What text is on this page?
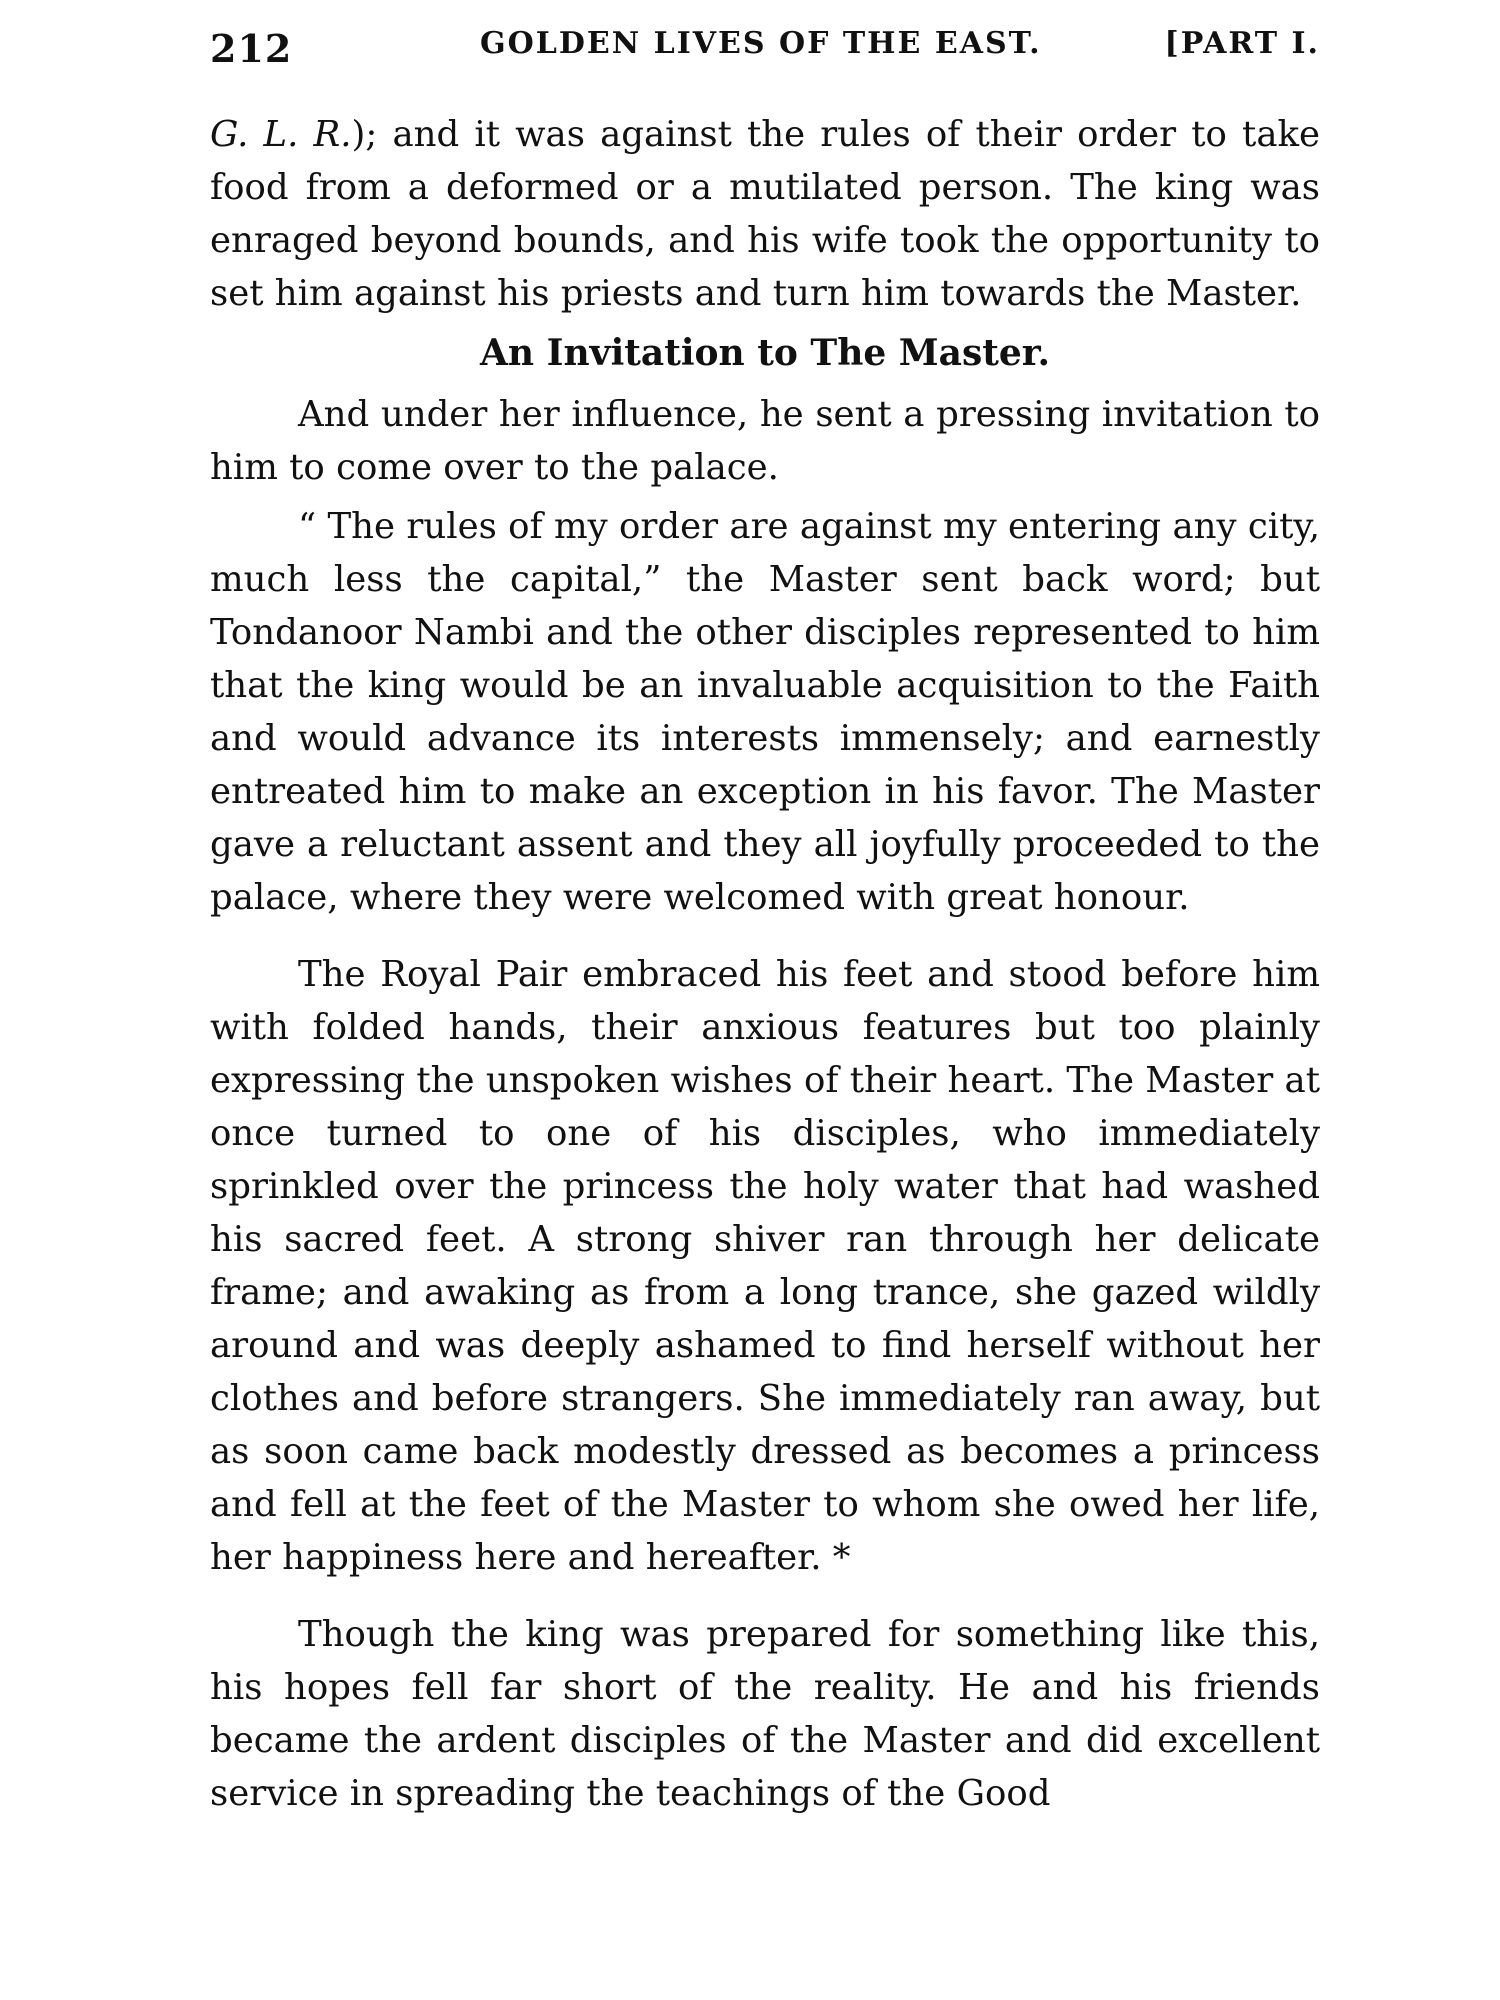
212	GOLDEN LIVES OF THE EAST.	[PART I.

G. L. R.); and it was against the rules of their order to take food from a deformed or a mutilated person. The king was enraged beyond bounds, and his wife took the opportunity to set him against his priests and turn him towards the Master.

An Invitation to The Master.

And under her influence, he sent a pressing invitation to him to come over to the palace.

“ The rules of my order are against my entering any city, much less the capital,” the Master sent back word; but Tondanoor Nambi and the other disciples represented to him that the king would be an invaluable acquisition to the Faith and would advance its interests immensely; and earnestly entreated him to make an exception in his favor. The Master gave a reluctant assent and they all joyfully proceeded to the palace, where they were welcomed with great honour.

The Royal Pair embraced his feet and stood before him with folded hands, their anxious features but too plainly expressing the unspoken wishes of their heart. The Master at once turned to one of his disciples, who immediately sprinkled over the princess the holy water that had washed his sacred feet. A strong shiver ran through her delicate frame; and awaking as from a long trance, she gazed wildly around and was deeply ashamed to find herself without her clothes and before strangers. She immediately ran away, but as soon came back modestly dressed as becomes a princess and fell at the feet of the Master to whom she owed her life, her happiness here and hereafter. *

Though the king was prepared for something like this, his hopes fell far short of the reality. He and his friends became the ardent disciples of the Master and did excellent service in spreading the teachings of the Good
